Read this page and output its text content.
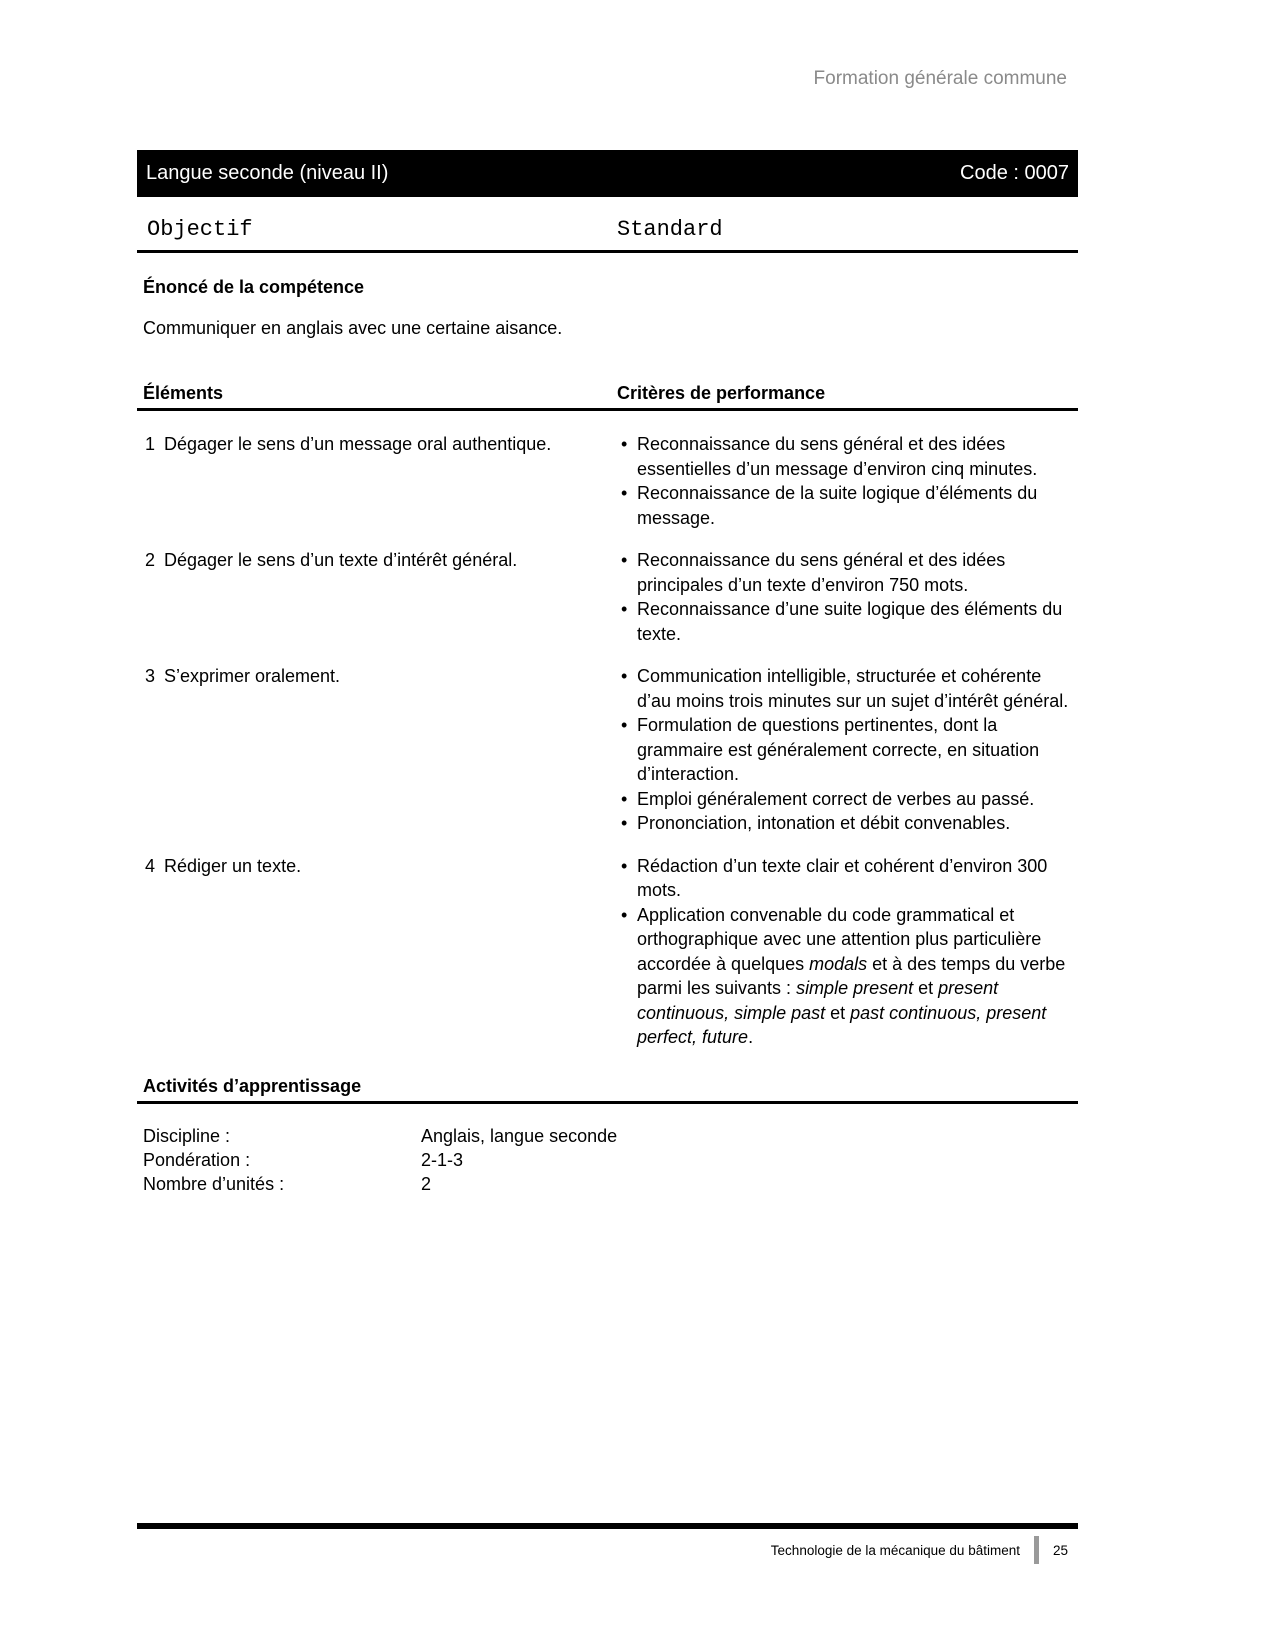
Formation générale commune
Langue seconde (niveau II)	Code : 0007
Objectif	Standard
Énoncé de la compétence
Communiquer en anglais avec une certaine aisance.
Éléments	Critères de performance
1 Dégager le sens d’un message oral authentique.	• Reconnaissance du sens général et des idées essentielles d’un message d’environ cinq minutes.
• Reconnaissance de la suite logique d’éléments du message.
2 Dégager le sens d’un texte d’intérêt général.	• Reconnaissance du sens général et des idées principales d’un texte d’environ 750 mots.
• Reconnaissance d’une suite logique des éléments du texte.
3 S’exprimer oralement.	• Communication intelligible, structurée et cohérente d’au moins trois minutes sur un sujet d’intérêt général.
• Formulation de questions pertinentes, dont la grammaire est généralement correcte, en situation d’interaction.
• Emploi généralement correct de verbes au passé.
• Prononciation, intonation et débit convenables.
4 Rédiger un texte.	• Rédaction d’un texte clair et cohérent d’environ 300 mots.
• Application convenable du code grammatical et orthographique avec une attention plus particulière accordée à quelques modals et à des temps du verbe parmi les suivants : simple present et present continuous, simple past et past continuous, present perfect, future.
Activités d’apprentissage
Discipline :	Anglais, langue seconde
Pondération :	2-1-3
Nombre d’unités :	2
Technologie de la mécanique du bâtiment 25
